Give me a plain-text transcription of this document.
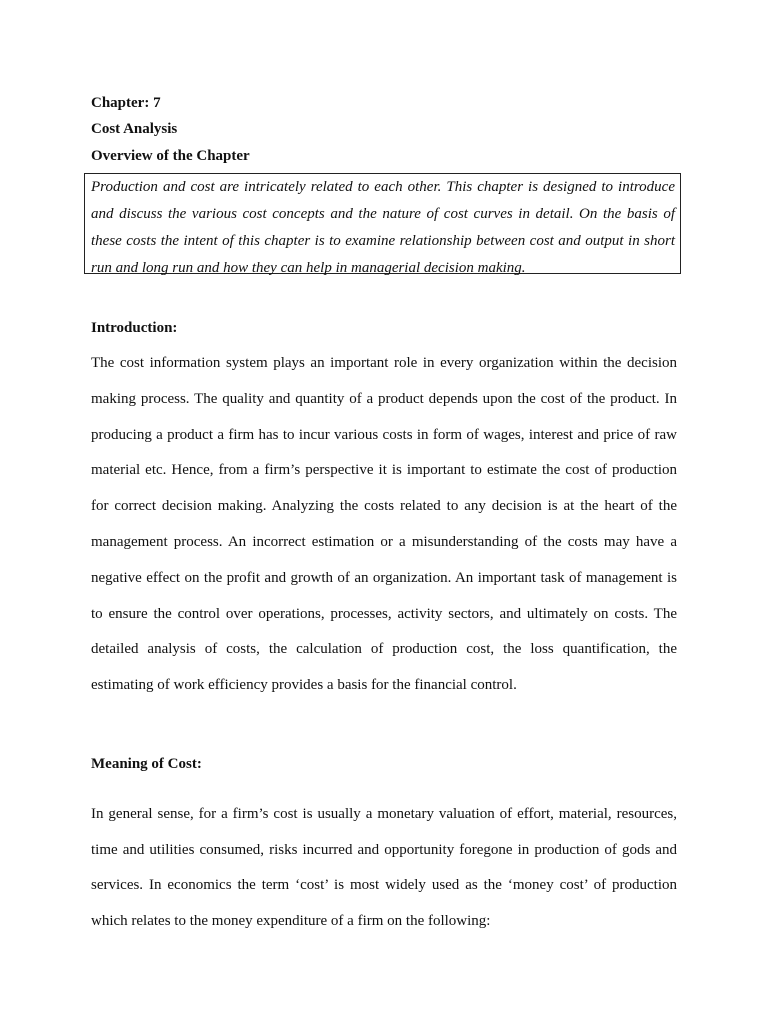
Chapter: 7
Cost Analysis
Overview of the Chapter

Production and cost are intricately related to each other. This chapter is designed to introduce and discuss the various cost concepts and the nature of cost curves in detail. On the basis of these costs the intent of this chapter is to examine relationship between cost and output in short run and long run and how they can help in managerial decision making.

Introduction:

The cost information system plays an important role in every organization within the decision making process. The quality and quantity of a product depends upon the cost of the product. In producing a product a firm has to incur various costs in form of wages, interest and price of raw material etc. Hence, from a firm’s perspective it is important to estimate the cost of production for correct decision making. Analyzing the costs related to any decision is at the heart of the management process. An incorrect estimation or a misunderstanding of the costs may have a negative effect on the profit and growth of an organization. An important task of management is to ensure the control over operations, processes, activity sectors, and ultimately on costs. The detailed analysis of costs, the calculation of production cost, the loss quantification, the estimating of work efficiency provides a basis for the financial control.

Meaning of Cost:

In general sense, for a firm’s cost is usually a monetary valuation of effort, material, resources, time and utilities consumed, risks incurred and opportunity foregone in production of gods and services. In economics the term ‘cost’ is most widely used as the ‘money cost’ of production which relates to the money expenditure of a firm on the following:
